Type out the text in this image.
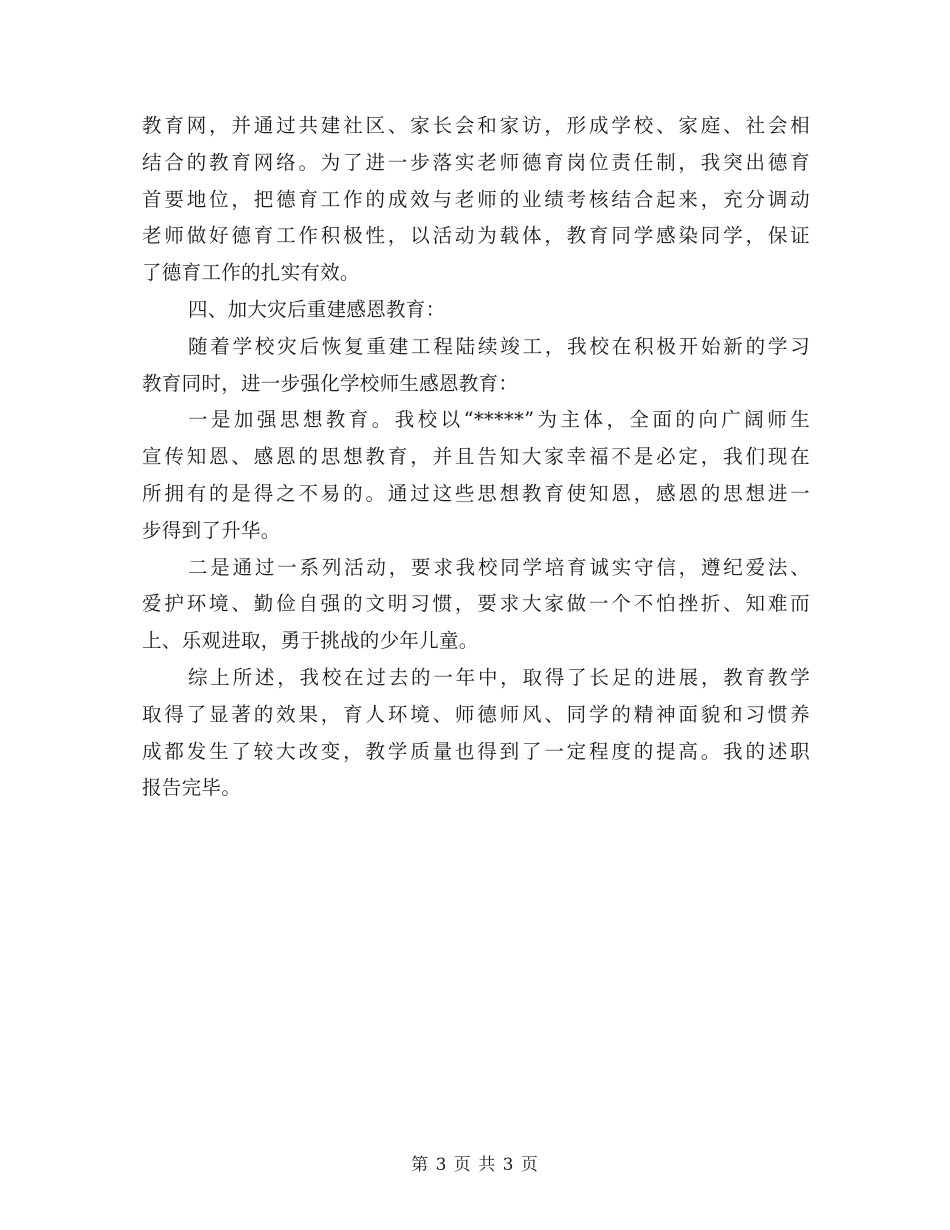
教育网，并通过共建社区、家长会和家访，形成学校、家庭、社会相
结合的教育网络。为了进一步落实老师德育岗位责任制，我突出德育
首要地位，把德育工作的成效与老师的业绩考核结合起来，充分调动
老师做好德育工作积极性，以活动为载体，教育同学感染同学，保证
了德育工作的扎实有效。
四、加大灾后重建感恩教育：
随着学校灾后恢复重建工程陆续竣工，我校在积极开始新的学习
教育同时，进一步强化学校师生感恩教育：
一是加强思想教育。我校以“*****”为主体，全面的向广阔师生
宣传知恩、感恩的思想教育，并且告知大家幸福不是必定，我们现在
所拥有的是得之不易的。通过这些思想教育使知恩，感恩的思想进一
步得到了升华。
二是通过一系列活动，要求我校同学培育诚实守信，遵纪爱法、
爱护环境、勤俭自强的文明习惯，要求大家做一个不怕挫折、知难而
上、乐观进取，勇于挑战的少年儿童。
综上所述，我校在过去的一年中，取得了长足的进展，教育教学
取得了显著的效果，育人环境、师德师风、同学的精神面貌和习惯养
成都发生了较大改变，教学质量也得到了一定程度的提高。我的述职
报告完毕。
第 3 页 共 3 页
